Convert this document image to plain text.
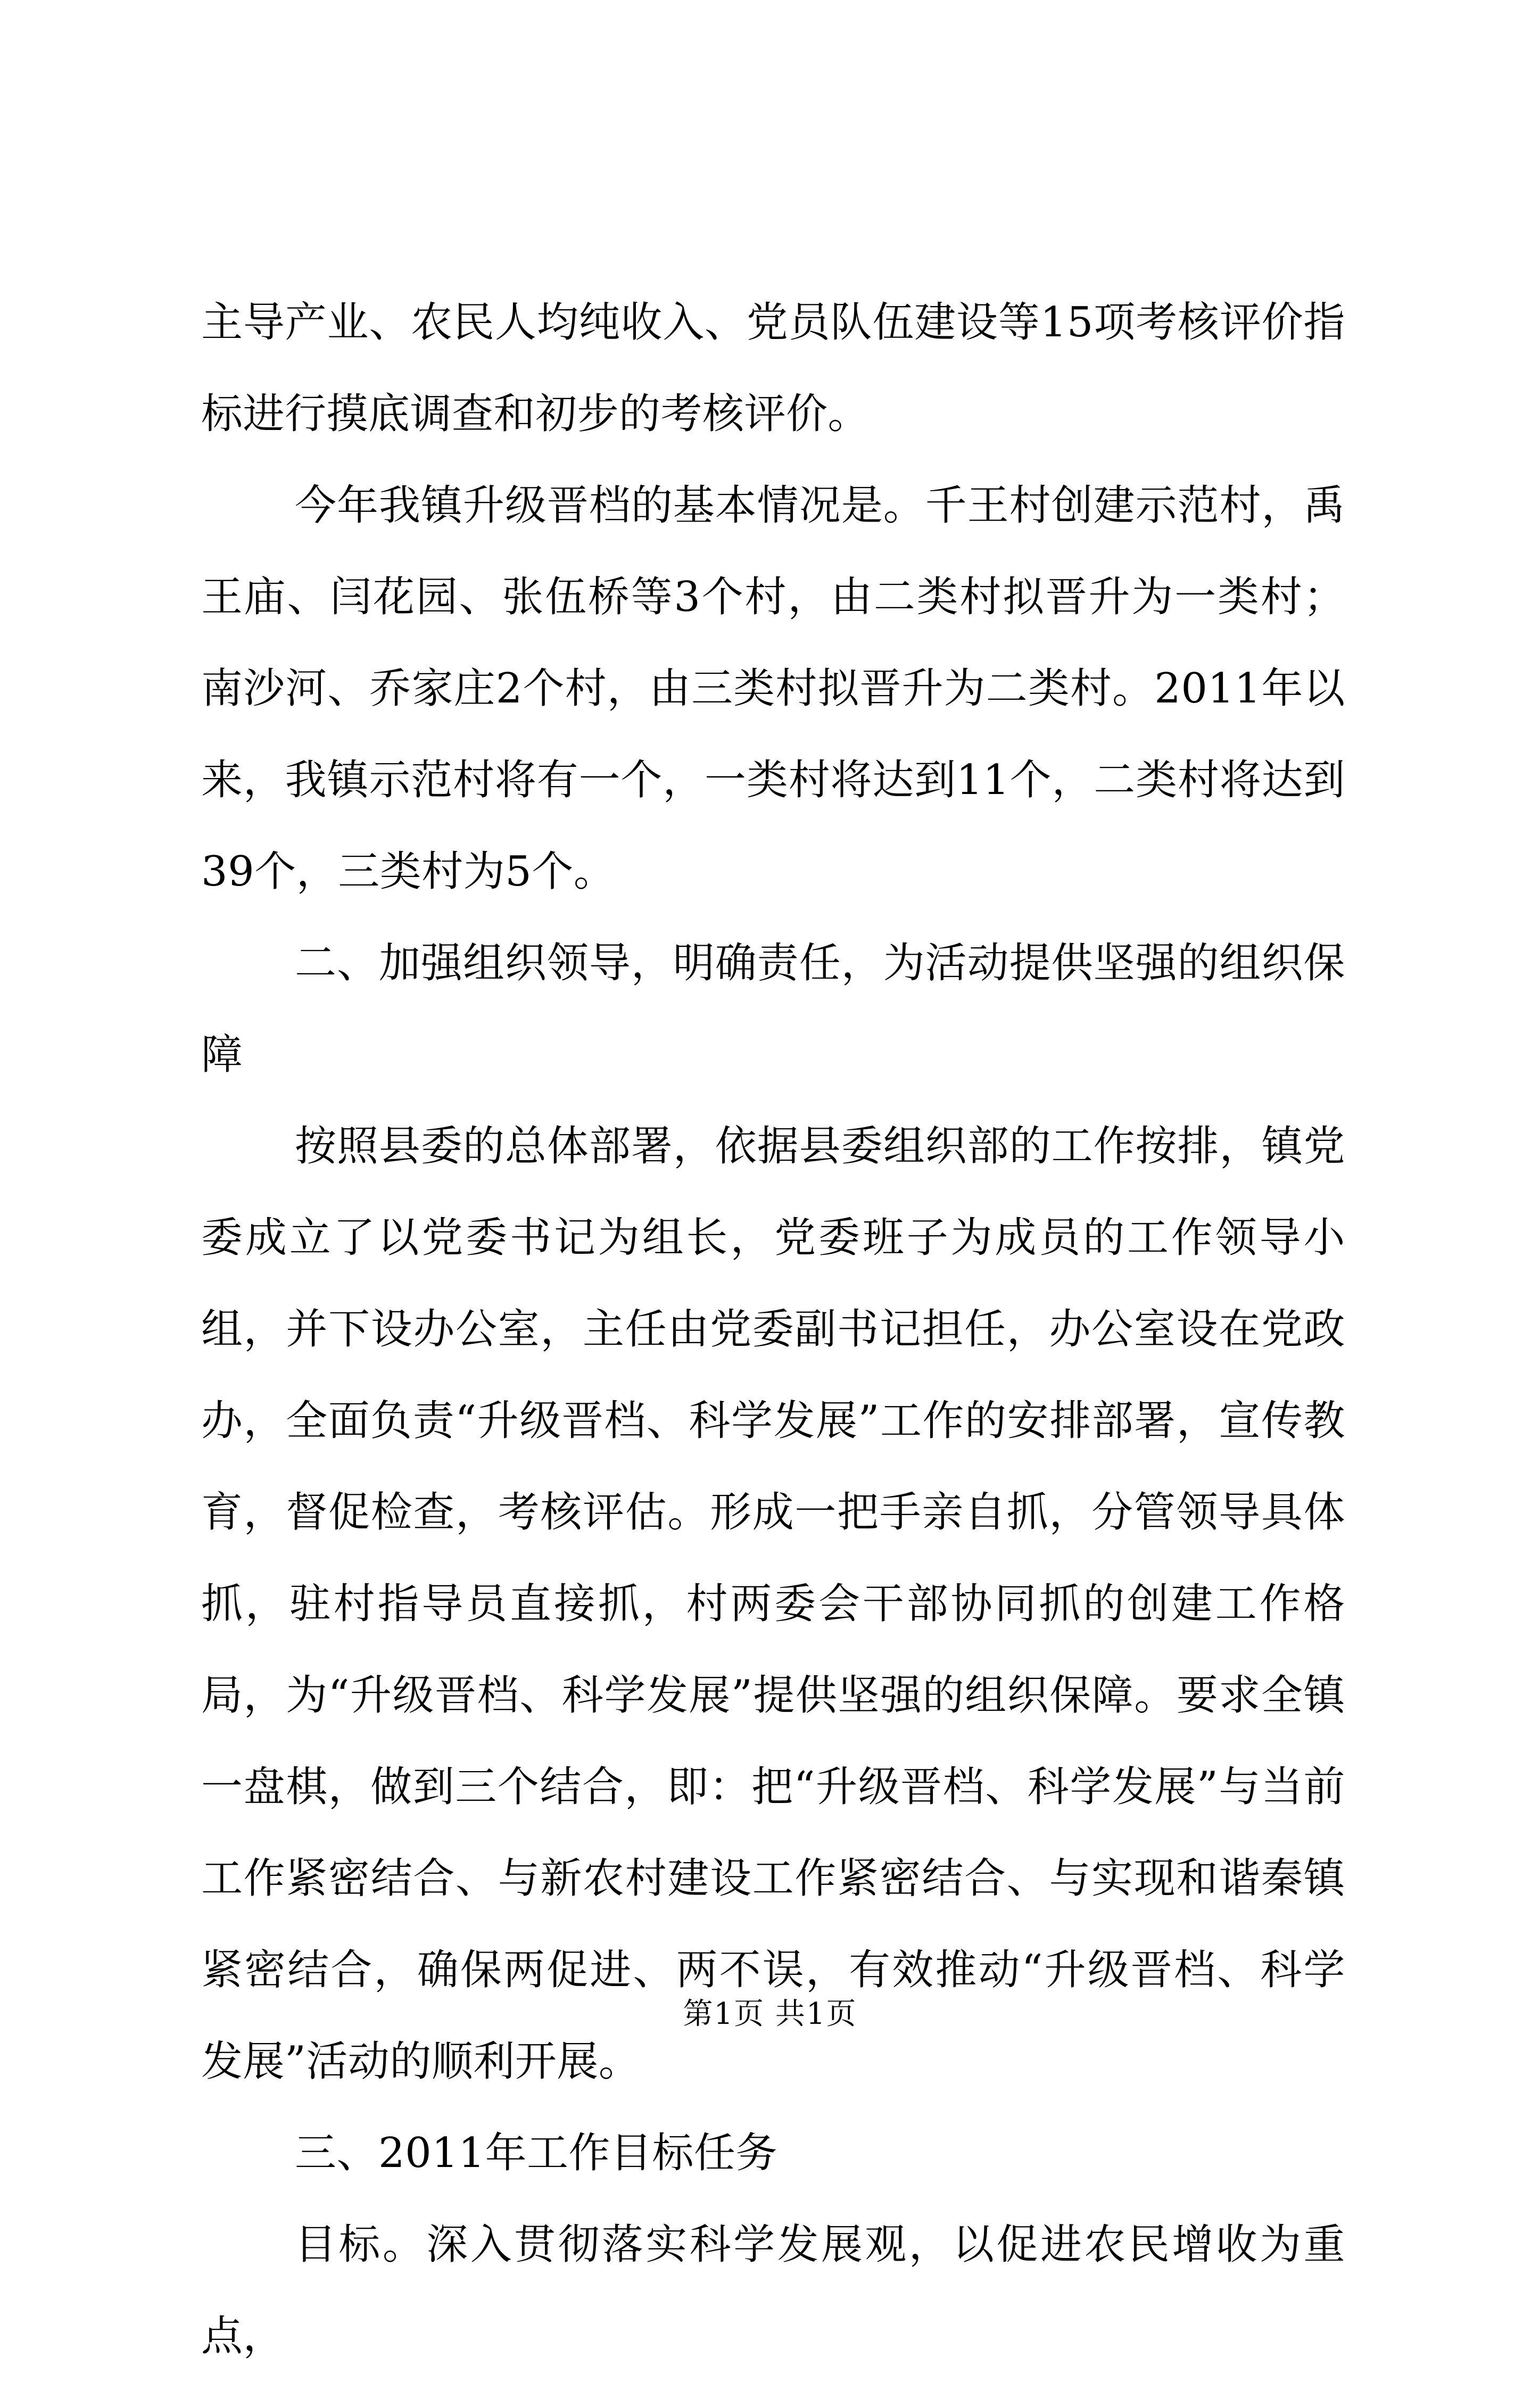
主导产业、农民人均纯收入、党员队伍建设等15项考核评价指标进行摸底调查和初步的考核评价。

今年我镇升级晋档的基本情况是。千王村创建示范村，禹王庙、闫花园、张伍桥等3个村，由二类村拟晋升为一类村；南沙河、乔家庄2个村，由三类村拟晋升为二类村。2011年以来，我镇示范村将有一个，一类村将达到11个，二类村将达到39个，三类村为5个。

二、加强组织领导，明确责任，为活动提供坚强的组织保障

按照县委的总体部署，依据县委组织部的工作按排，镇党委成立了以党委书记为组长，党委班子为成员的工作领导小组，并下设办公室，主任由党委副书记担任，办公室设在党政办，全面负责“升级晋档、科学发展”工作的安排部署，宣传教育，督促检查，考核评估。形成一把手亲自抓，分管领导具体抓，驻村指导员直接抓，村两委会干部协同抓的创建工作格局，为“升级晋档、科学发展”提供坚强的组织保障。要求全镇一盘棋，做到三个结合，即：把“升级晋档、科学发展”与当前工作紧密结合、与新农村建设工作紧密结合、与实现和谐秦镇紧密结合，确保两促进、两不误，有效推动“升级晋档、科学发展”活动的顺利开展。

三、2011年工作目标任务

目标。深入贯彻落实科学发展观，以促进农民增收为重点，

第1页 共1页
